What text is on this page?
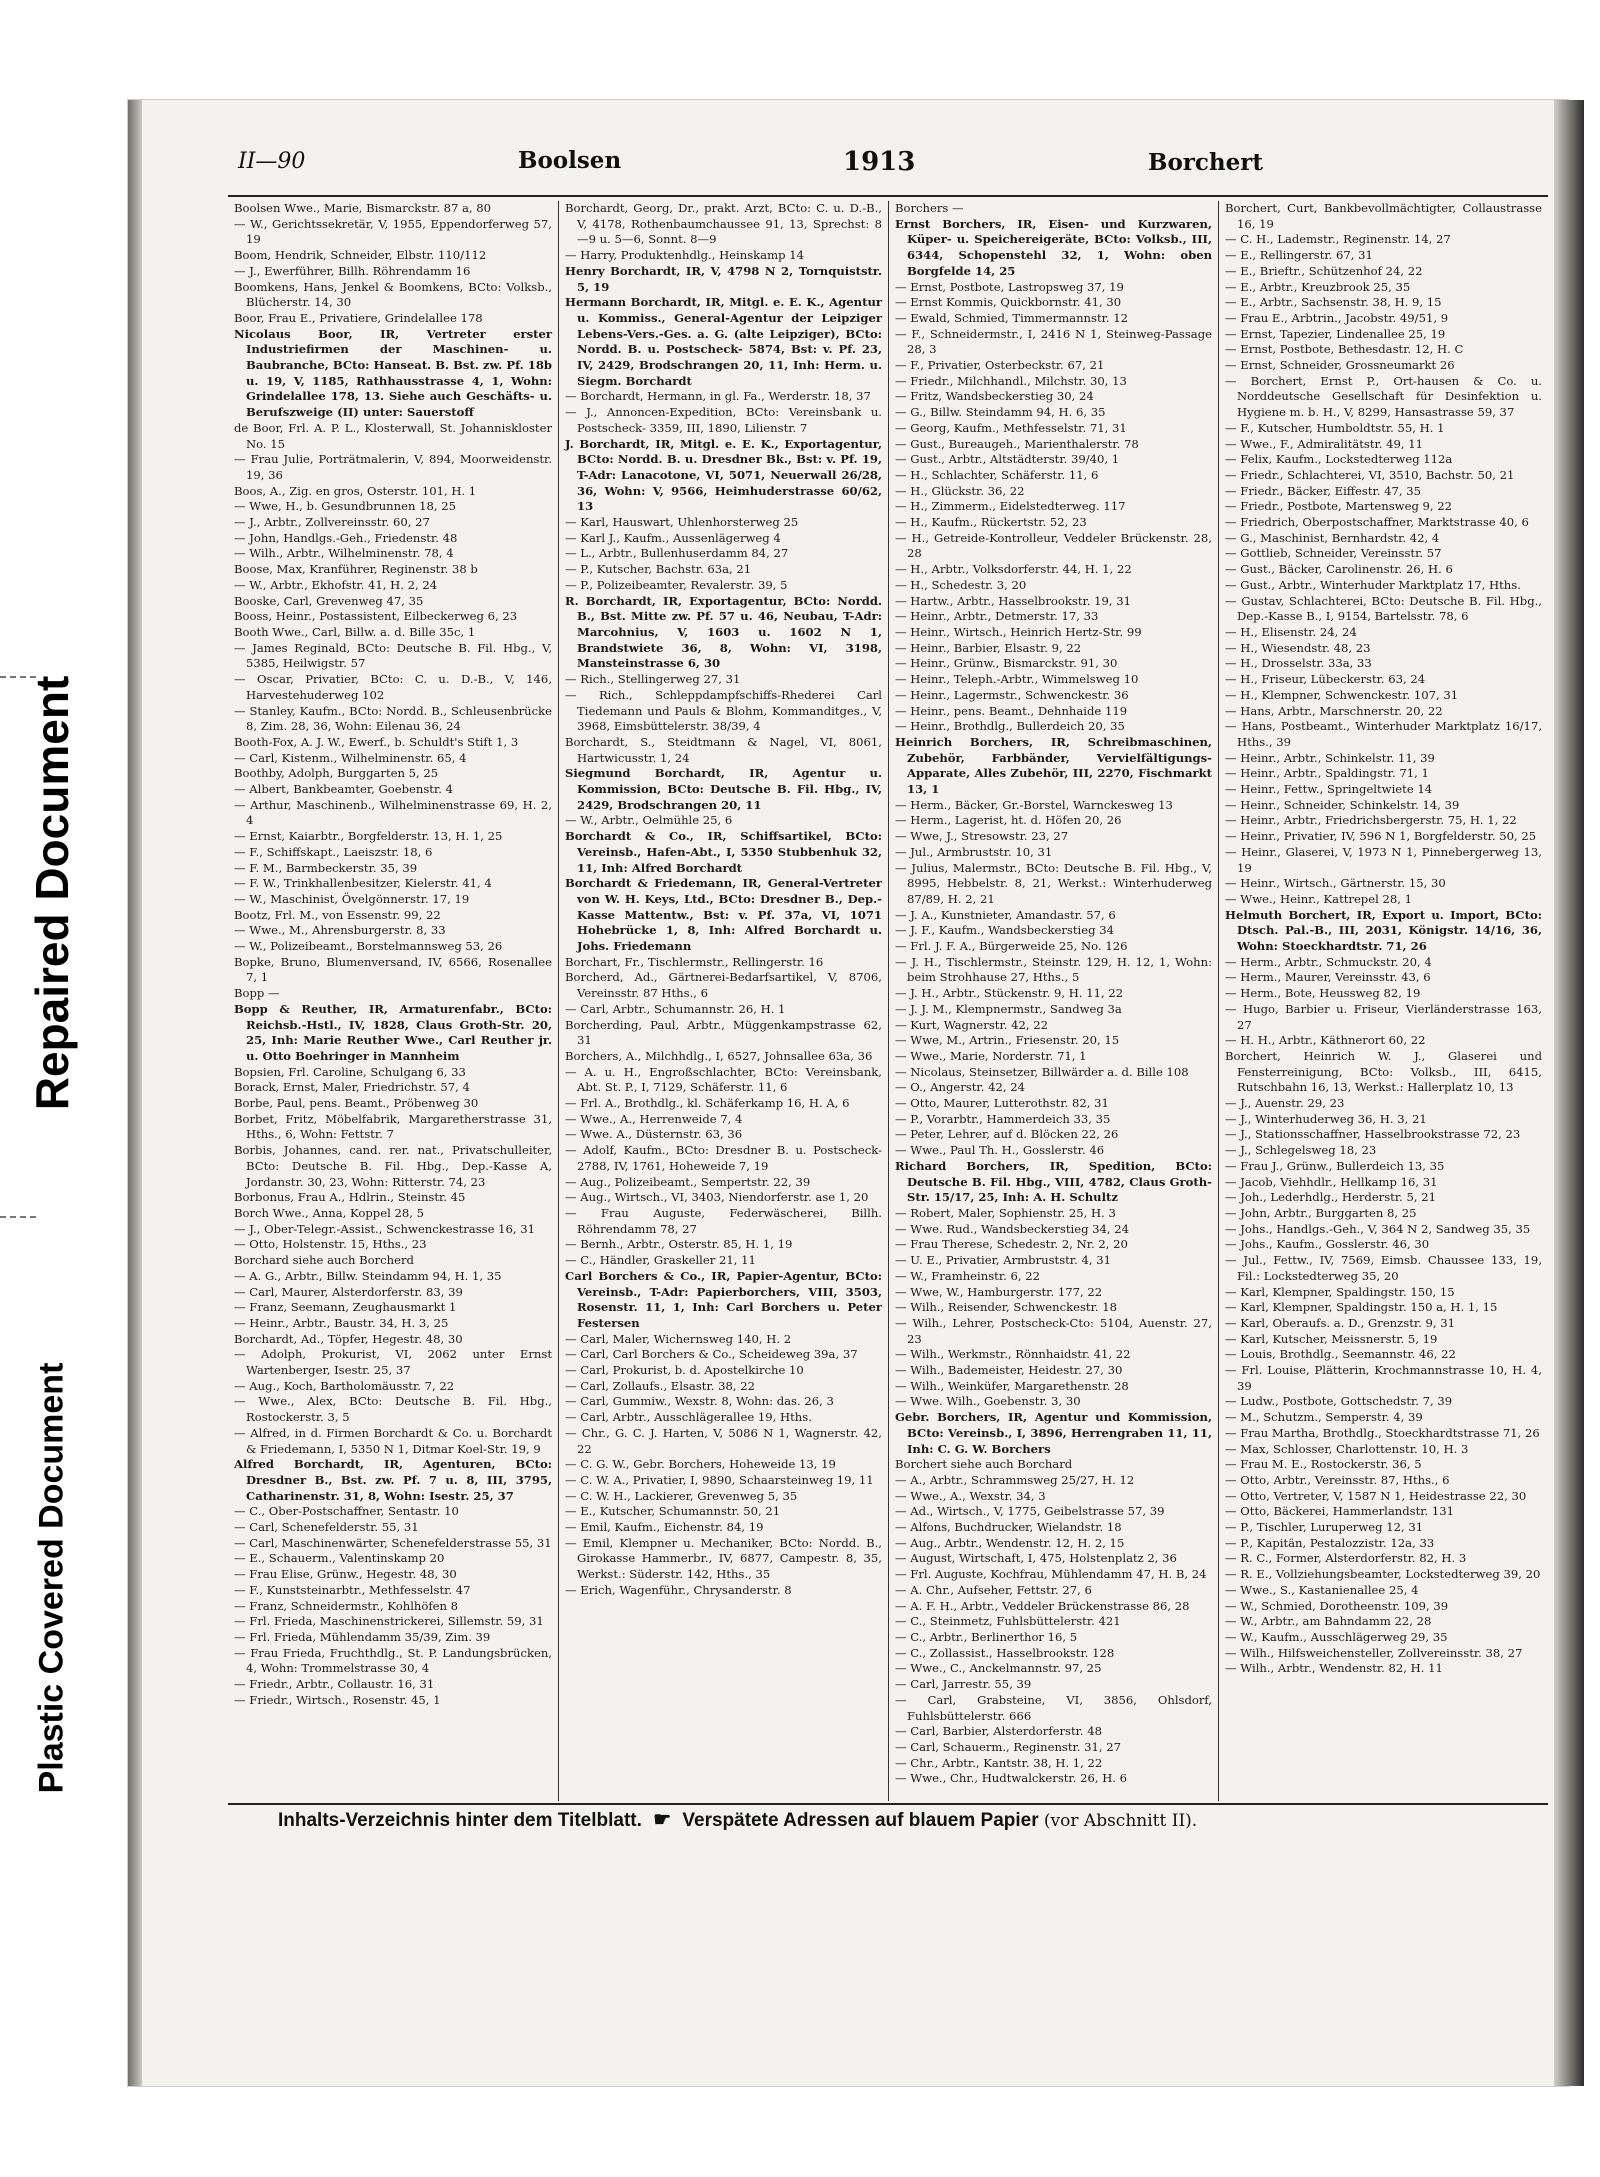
Repaired Document
Plastic Covered Document
II—90	Boolsen	1913	Borchert
Boolsen Wwe., Marie, Bismarckstr. 87 a, 80
— W., Gerichtssekretär, V, 1955, Eppendorferweg 57, 19
Boom, Hendrik, Schneider, Elbstr. 110/112
— J., Ewerführer, Billh. Röhrendamm 16
Boomkens, Hans, Jenkel & Boomkens, BCto: Volksb., Blücherstr. 14, 30
Boor, Frau E., Privatiere, Grindelallee 178
Nicolaus Boor, IR, Vertreter erster Industriefirmen der Maschinen- u. Baubranche, BCto: Hanseat. B. Bst. zw. Pf. 18b u. 19, V, 1185, Rathhausstrasse 4, 1, Wohn: Grindelallee 178, 13. Siehe auch Geschäfts- u. Berufszweige (II) unter: Sauerstoff
de Boor, Frl. A. P. L., Klosterwall, St. Johanniskloster No. 15
— Frau Julie, Porträtmalerin, V, 894, Moorweidenstr. 19, 36
Boos, A., Zig. en gros, Osterstr. 101, H. 1
— Wwe, H., b. Gesundbrunnen 18, 25
— J., Arbtr., Zollvereinsstr. 60, 27
— John, Handlgs.-Geh., Friedenstr. 48
— Wilh., Arbtr., Wilhelminenstr. 78, 4
Boose, Max, Kranführer, Reginenstr. 38 b
— W., Arbtr., Ekhofstr. 41, H. 2, 24
Booske, Carl, Grevenweg 47, 35
Booss, Heinr., Postassistent, Eilbeckerweg 6, 23
Booth Wwe., Carl, Billw. a. d. Bille 35c, 1
— James Reginald, BCto: Deutsche B. Fil. Hbg., V, 5385, Heilwigstr. 57
— Oscar, Privatier, BCto: C. u. D.-B., V, 146, Harvestehuderweg 102
— Stanley, Kaufm., BCto: Nordd. B., Schleusenbrücke 8, Zim. 28, 36, Wohn: Eilenau 36, 24
Booth-Fox, A. J. W., Ewerf., b. Schuldt's Stift 1, 3
— Carl, Kistenm., Wilhelminenstr. 65, 4
Boothby, Adolph, Burggarten 5, 25
— Albert, Bankbeamter, Goebenstr. 4
— Arthur, Maschinenb., Wilhelminenstrasse 69, H. 2, 4
— Ernst, Kaiarbtr., Borgfelderstr. 13, H. 1, 25
— F., Schiffskapt., Laeiszstr. 18, 6
— F. M., Barmbeckerstr. 35, 39
— F. W., Trinkhallenbesitzer, Kielerstr. 41, 4
— W., Maschinist, Övelgönnerstr. 17, 19
Bootz, Frl. M., von Essenstr. 99, 22
— Wwe., M., Ahrensburgerstr. 8, 33
— W., Polizeibeamt., Borstelmannsweg 53, 26
Bopke, Bruno, Blumenversand, IV, 6566, Rosenallee 7, 1
Bopp —
Bopp & Reuther, IR, Armaturenfabr., BCto: Reichsb.-Hstl., IV, 1828, Claus Groth-Str. 20, 25, Inh: Marie Reuther Wwe., Carl Reuther jr. u. Otto Boehringer in Mannheim
Bopsien, Frl. Caroline, Schulgang 6, 33
Borack, Ernst, Maler, Friedrichstr. 57, 4
Borbe, Paul, pens. Beamt., Pröbenweg 30
Borbet, Fritz, Möbelfabrik, Margaretherstrasse 31, Hths., 6, Wohn: Fettstr. 7
Borbis, Johannes, cand. rer. nat., Privatschulleiter, BCto: Deutsche B. Fil. Hbg., Dep.-Kasse A, Jordanstr. 30, 23, Wohn: Ritterstr. 74, 23
Borbonus, Frau A., Hdlrin., Steinstr. 45
Borch Wwe., Anna, Koppel 28, 5
— J., Ober-Telegr.-Assist., Schwenckestrasse 16, 31
— Otto, Holstenstr. 15, Hths., 23
Borchard siehe auch Borcherd
— A. G., Arbtr., Billw. Steindamm 94, H. 1, 35
— Carl, Maurer, Alsterdorferstr. 83, 39
— Franz, Seemann, Zeughausmarkt 1
— Heinr., Arbtr., Baustr. 34, H. 3, 25
Borchardt, Ad., Töpfer, Hegestr. 48, 30
— Adolph, Prokurist, VI, 2062 unter Ernst Wartenberger, Isestr. 25, 37
— Aug., Koch, Bartholomäusstr. 7, 22
— Wwe., Alex, BCto: Deutsche B. Fil. Hbg., Rostockerstr. 3, 5
— Alfred, in d. Firmen Borchardt & Co. u. Borchardt & Friedemann, I, 5350 N 1, Ditmar Koel-Str. 19, 9
Alfred Borchardt, IR, Agenturen, BCto: Dresdner B., Bst. zw. Pf. 7 u. 8, III, 3795, Catharinenstr. 31, 8, Wohn: Isestr. 25, 37
— C., Ober-Postschaffner, Sentastr. 10
— Carl, Schenefelderstr. 55, 31
— Carl, Maschinenwärter, Schenefelderstrasse 55, 31
— E., Schauerm., Valentinskamp 20
— Frau Elise, Grünw., Hegestr. 48, 30
— F., Kunststeinarbtr., Methfesselstr. 47
— Franz, Schneidermstr., Kohlhöfen 8
— Frl. Frieda, Maschinenstrickerei, Sillemstr. 59, 31
— Frl. Frieda, Mühlendamm 35/39, Zim. 39
— Frau Frieda, Fruchthdlg., St. P. Landungsbrücken, 4, Wohn: Trommelstrasse 30, 4
— Friedr., Arbtr., Collaustr. 16, 31
— Friedr., Wirtsch., Rosenstr. 45, 1
Borchardt, Georg, Dr., prakt. Arzt, BCto: C. u. D.-B., V, 4178, Rothenbaumchaussee 91, 13, Sprechst: 8—9 u. 5—6, Sonnt. 8—9
— Harry, Produktenhdlg., Heinskamp 14
Henry Borchardt, IR, V, 4798 N 2, Tornquiststr. 5, 19
Hermann Borchardt, IR, Mitgl. e. E. K., Agentur u. Kommiss., General-Agentur der Leipziger Lebens-Vers.-Ges. a. G. (alte Leipziger), BCto: Nordd. B. u. Postscheck- 5874, Bst: v. Pf. 23, IV, 2429, Brodschrangen 20, 11, Inh: Herm. u. Siegm. Borchardt
— Borchardt, Hermann, in gl. Fa., Werderstr. 18, 37
— J., Annoncen-Expedition, BCto: Vereinsbank u. Postscheck- 3359, III, 1890, Lilienstr. 7
J. Borchardt, IR, Mitgl. e. E. K., Exportagentur, BCto: Nordd. B. u. Dresdner Bk., Bst: v. Pf. 19, T-Adr: Lanacotone, VI, 5071, Neuerwall 26/28, 36, Wohn: V, 9566, Heimhuderstrasse 60/62, 13
— Karl, Hauswart, Uhlenhorsterweg 25
— Karl J., Kaufm., Aussenlägerweg 4
— L., Arbtr., Bullenhuserdamm 84, 27
— P., Kutscher, Bachstr. 63a, 21
— P., Polizeibeamter, Revalerstr. 39, 5
R. Borchardt, IR, Exportagentur, BCto: Nordd. B., Bst. Mitte zw. Pf. 57 u. 46, Neubau, T-Adr: Marcohnius, V, 1603 u. 1602 N 1, Brandstwiete 36, 8, Wohn: VI, 3198, Mansteinstrasse 6, 30
— Rich., Stellingerweg 27, 31
— Rich., Schleppdampfschiffs-Rhederei Carl Tiedemann und Pauls & Blohm, Kommanditges., V, 3968, Eimsbüttelerstr. 38/39, 4
Borchardt, S., Steidtmann & Nagel, VI, 8061, Hartwicusstr. 1, 24
Siegmund Borchardt, IR, Agentur u. Kommission, BCto: Deutsche B. Fil. Hbg., IV, 2429, Brodschrangen 20, 11
— W., Arbtr., Oelmühle 25, 6
Borchardt & Co., IR, Schiffsartikel, BCto: Vereinsb., Hafen-Abt., I, 5350 Stubbenhuk 32, 11, Inh: Alfred Borchardt
Borchardt & Friedemann, IR, General-Vertreter von W. H. Keys, Ltd., BCto: Dresdner B., Dep.-Kasse Mattentw., Bst: v. Pf. 37a, VI, 1071 Hohebrücke 1, 8, Inh: Alfred Borchardt u. Johs. Friedemann
Borchart, Fr., Tischlermstr., Rellingerstr. 16
Borcherd, Ad., Gärtnerei-Bedarfsartikel, V, 8706, Vereinsstr. 87 Hths., 6
— Carl, Arbtr., Schumannstr. 26, H. 1
Borcherding, Paul, Arbtr., Müggenkampstrasse 62, 31
Borchers, A., Milchhdlg., I, 6527, Johnsallee 63a, 36
— A. u. H., Engroßschlachter, BCto: Vereinsbank, Abt. St. P., I, 7129, Schäferstr. 11, 6
— Frl. A., Brothdlg., kl. Schäferkamp 16, H. A, 6
— Wwe., A., Herrenweide 7, 4
— Wwe. A., Düsternstr. 63, 36
— Adolf, Kaufm., BCto: Dresdner B. u. Postscheck- 2788, IV, 1761, Hoheweide 7, 19
— Aug., Polizeibeamt., Sempertstr. 22, 39
— Aug., Wirtsch., VI, 3403, Niendorferstr. ase 1, 20
— Frau Auguste, Federwäscherei, Billh. Röhrendamm 78, 27
— Bernh., Arbtr., Osterstr. 85, H. 1, 19
— C., Händler, Graskeller 21, 11
Carl Borchers & Co., IR, Papier-Agentur, BCto: Vereinsb., T-Adr: Papierborchers, VIII, 3503, Rosenstr. 11, 1, Inh: Carl Borchers u. Peter Festersen
— Carl, Maler, Wichernsweg 140, H. 2
— Carl, Carl Borchers & Co., Scheideweg 39a, 37
— Carl, Prokurist, b. d. Apostelkirche 10
— Carl, Zollaufs., Elsastr. 38, 22
— Carl, Gummiw., Wexstr. 8, Wohn: das. 26, 3
— Carl, Arbtr., Ausschlägerallee 19, Hths.
— Chr., G. C. J. Harten, V, 5086 N 1, Wagnerstr. 42, 22
— C. G. W., Gebr. Borchers, Hoheweide 13, 19
— C. W. A., Privatier, I, 9890, Schaarsteinweg 19, 11
— C. W. H., Lackierer, Grevenweg 5, 35
— E., Kutscher, Schumannstr. 50, 21
— Emil, Kaufm., Eichenstr. 84, 19
— Emil, Klempner u. Mechaniker, BCto: Nordd. B., Girokasse Hammerbr., IV, 6877, Campestr. 8, 35, Werkst.: Süderstr. 142, Hths., 35
— Erich, Wagenführ., Chrysanderstr. 8
Borchers —
Ernst Borchers, IR, Eisen- und Kurzwaren, Küper- u. Speichereigeräte, BCto: Volksb., III, 6344, Schopenstehl 32, 1, Wohn: oben Borgfelde 14, 25
— Ernst, Postbote, Lastropsweg 37, 19
— Ernst Kommis, Quickbornstr. 41, 30
— Ewald, Schmied, Timmermannstr. 12
— F., Schneidermstr., I, 2416 N 1, Steinweg-Passage 28, 3
— F., Privatier, Osterbeckstr. 67, 21
— Friedr., Milchhandl., Milchstr. 30, 13
— Fritz, Wandsbeckerstieg 30, 24
— G., Billw. Steindamm 94, H. 6, 35
— Georg, Kaufm., Methfesselstr. 71, 31
— Gust., Bureaugeh., Marienthalerstr. 78
— Gust., Arbtr., Altstädterstr. 39/40, 1
— H., Schlachter, Schäferstr. 11, 6
— H., Glückstr. 36, 22
— H., Zimmerm., Eidelstedterweg. 117
— H., Kaufm., Rückertstr. 52, 23
— H., Getreide-Kontrolleur, Veddeler Brückenstr. 28, 28
— H., Arbtr., Volksdorferstr. 44, H. 1, 22
— H., Schedestr. 3, 20
— Hartw., Arbtr., Hasselbrookstr. 19, 31
— Heinr., Arbtr., Detmerstr. 17, 33
— Heinr., Wirtsch., Heinrich Hertz-Str. 99
— Heinr., Barbier, Elsastr. 9, 22
— Heinr., Grünw., Bismarckstr. 91, 30
— Heinr., Teleph.-Arbtr., Wimmelsweg 10
— Heinr., Lagermstr., Schwenckestr. 36
— Heinr., pens. Beamt., Dehnhaide 119
— Heinr., Brothdlg., Bullerdeich 20, 35
Heinrich Borchers, IR, Schreibmaschinen, Zubehör, Farbbänder, Vervielfältigungs-Apparate, Alles Zubehör, III, 2270, Fischmarkt 13, 1
— Herm., Bäcker, Gr.-Borstel, Warnckesweg 13
— Herm., Lagerist, ht. d. Höfen 20, 26
— Wwe, J., Stresowstr. 23, 27
— Jul., Armbruststr. 10, 31
— Julius, Malermstr., BCto: Deutsche B. Fil. Hbg., V, 8995, Hebbelstr. 8, 21, Werkst.: Winterhuderweg 87/89, H. 2, 21
— J. A., Kunstnieter, Amandastr. 57, 6
— J. F., Kaufm., Wandsbeckerstieg 34
— Frl. J. F. A., Bürgerweide 25, No. 126
— J. H., Tischlermstr., Steinstr. 129, H. 12, 1, Wohn: beim Strohhause 27, Hths., 5
— J. H., Arbtr., Stückenstr. 9, H. 11, 22
— J. J. M., Klempnermstr., Sandweg 3a
— Kurt, Wagnerstr. 42, 22
— Wwe, M., Artrin., Friesenstr. 20, 15
— Wwe., Marie, Norderstr. 71, 1
— Nicolaus, Steinsetzer, Billwärder a. d. Bille 108
— O., Angerstr. 42, 24
— Otto, Maurer, Lutterothstr. 82, 31
— P., Vorarbtr., Hammerdeich 33, 35
— Peter, Lehrer, auf d. Blöcken 22, 26
— Wwe., Paul Th. H., Gosslerstr. 46
Richard Borchers, IR, Spedition, BCto: Deutsche B. Fil. Hbg., VIII, 4782, Claus Groth-Str. 15/17, 25, Inh: A. H. Schultz
— Robert, Maler, Sophienstr. 25, H. 3
— Wwe. Rud., Wandsbeckerstieg 34, 24
— Frau Therese, Schedestr. 2, Nr. 2, 20
— U. E., Privatier, Armbruststr. 4, 31
— W., Framheinstr. 6, 22
— Wwe, W., Hamburgerstr. 177, 22
— Wilh., Reisender, Schwenckestr. 18
— Wilh., Lehrer, Postscheck-Cto: 5104, Auenstr. 27, 23
— Wilh., Werkmstr., Rönnhaidstr. 41, 22
— Wilh., Bademeister, Heidestr. 27, 30
— Wilh., Weinküfer, Margarethenstr. 28
— Wwe. Wilh., Goebenstr. 3, 30
Gebr. Borchers, IR, Agentur und Kommission, BCto: Vereinsb., I, 3896, Herrengraben 11, 11, Inh: C. G. W. Borchers
Borchert siehe auch Borchard
— A., Arbtr., Schrammsweg 25/27, H. 12
— Wwe., A., Wexstr. 34, 3
— Ad., Wirtsch., V, 1775, Geibelstrasse 57, 39
— Alfons, Buchdrucker, Wielandstr. 18
— Aug., Arbtr., Wendenstr. 12, H. 2, 15
— August, Wirtschaft, I, 475, Holstenplatz 2, 36
— Frl. Auguste, Kochfrau, Mühlendamm 47, H. B, 24
— A. Chr., Aufseher, Fettstr. 27, 6
— A. F. H., Arbtr., Veddeler Brückenstrasse 86, 28
— C., Steinmetz, Fuhlsbüttelerstr. 421
— C., Arbtr., Berlinerthor 16, 5
— C., Zollassist., Hasselbrookstr. 128
— Wwe., C., Anckelmannstr. 97, 25
— Carl, Jarrestr. 55, 39
— Carl, Grabsteine, VI, 3856, Ohlsdorf, Fuhlsbüttelerstr. 666
— Carl, Barbier, Alsterdorferstr. 48
— Carl, Schauerm., Reginenstr. 31, 27
— Chr., Arbtr., Kantstr. 38, H. 1, 22
— Wwe., Chr., Hudtwalckerstr. 26, H. 6
Borchert, Curt, Bankbevollmächtigter, Collaustrasse 16, 19
— C. H., Lademstr., Reginenstr. 14, 27
— E., Rellingerstr. 67, 31
— E., Brieftr., Schützenhof 24, 22
— E., Arbtr., Kreuzbrook 25, 35
— E., Arbtr., Sachsenstr. 38, H. 9, 15
— Frau E., Arbtrin., Jacobstr. 49/51, 9
— Ernst, Tapezier, Lindenallee 25, 19
— Ernst, Postbote, Bethesdastr. 12, H. C
— Ernst, Schneider, Grossneumarkt 26
— Borchert, Ernst P., Ort-hausen & Co. u. Norddeutsche Gesellschaft für Desinfektion u. Hygiene m. b. H., V, 8299, Hansastrasse 59, 37
— F., Kutscher, Humboldtstr. 55, H. 1
— Wwe., F., Admiralitätstr. 49, 11
— Felix, Kaufm., Lockstedterweg 112a
— Friedr., Schlachterei, VI, 3510, Bachstr. 50, 21
— Friedr., Bäcker, Eiffestr. 47, 35
— Friedr., Postbote, Martensweg 9, 22
— Friedrich, Oberpostschaffner, Marktstrasse 40, 6
— G., Maschinist, Bernhardstr. 42, 4
— Gottlieb, Schneider, Vereinsstr. 57
— Gust., Bäcker, Carolinenstr. 26, H. 6
— Gust., Arbtr., Winterhuder Marktplatz 17, Hths.
— Gustav, Schlachterei, BCto: Deutsche B. Fil. Hbg., Dep.-Kasse B., I, 9154, Bartelsstr. 78, 6
— H., Elisenstr. 24, 24
— H., Wiesendstr. 48, 23
— H., Drosselstr. 33a, 33
— H., Friseur, Lübeckerstr. 63, 24
— H., Klempner, Schwenckestr. 107, 31
— Hans, Arbtr., Marschnerstr. 20, 22
— Hans, Postbeamt., Winterhuder Marktplatz 16/17, Hths., 39
— Heinr., Arbtr., Schinkelstr. 11, 39
— Heinr., Arbtr., Spaldingstr. 71, 1
— Heinr., Fettw., Springeltwiete 14
— Heinr., Schneider, Schinkelstr. 14, 39
— Heinr., Arbtr., Friedrichsbergerstr. 75, H. 1, 22
— Heinr., Privatier, IV, 596 N 1, Borgfelderstr. 50, 25
— Heinr., Glaserei, V, 1973 N 1, Pinnebergerweg 13, 19
— Heinr., Wirtsch., Gärtnerstr. 15, 30
— Wwe., Heinr., Kattrepel 28, 1
Helmuth Borchert, IR, Export u. Import, BCto: Dtsch. Pal.-B., III, 2031, Königstr. 14/16, 36, Wohn: Stoeckhardtstr. 71, 26
— Herm., Arbtr., Schmuckstr. 20, 4
— Herm., Maurer, Vereinsstr. 43, 6
— Herm., Bote, Heussweg 82, 19
— Hugo, Barbier u. Friseur, Vierländerstrasse 163, 27
— H. H., Arbtr., Käthnerort 60, 22
Borchert, Heinrich W. J., Glaserei und Fensterreinigung, BCto: Volksb., III, 6415, Rutschbahn 16, 13, Werkst.: Hallerplatz 10, 13
— J., Auenstr. 29, 23
— J., Winterhuderweg 36, H. 3, 21
— J., Stationsschaffner, Hasselbrookstrasse 72, 23
— J., Schlegelsweg 18, 23
— Frau J., Grünw., Bullerdeich 13, 35
— Jacob, Viehhdlr., Hellkamp 16, 31
— Joh., Lederhdlg., Herderstr. 5, 21
— John, Arbtr., Burggarten 8, 25
— Johs., Handlgs.-Geh., V, 364 N 2, Sandweg 35, 35
— Johs., Kaufm., Gosslerstr. 46, 30
— Jul., Fettw., IV, 7569, Eimsb. Chaussee 133, 19, Fil.: Lockstedterweg 35, 20
— Karl, Klempner, Spaldingstr. 150, 15
— Karl, Klempner, Spaldingstr. 150 a, H. 1, 15
— Karl, Oberaufs. a. D., Grenzstr. 9, 31
— Karl, Kutscher, Meissnerstr. 5, 19
— Louis, Brothdlg., Seemannstr. 46, 22
— Frl. Louise, Plätterin, Krochmannstrasse 10, H. 4, 39
— Ludw., Postbote, Gottschedstr. 7, 39
— M., Schutzm., Semperstr. 4, 39
— Frau Martha, Brothdlg., Stoeckhardtstrasse 71, 26
— Max, Schlosser, Charlottenstr. 10, H. 3
— Frau M. E., Rostockerstr. 36, 5
— Otto, Arbtr., Vereinsstr. 87, Hths., 6
— Otto, Vertreter, V, 1587 N 1, Heidestrasse 22, 30
— Otto, Bäckerei, Hammerlandstr. 131
— P., Tischler, Luruperweg 12, 31
— P., Kapitän, Pestalozzistr. 12a, 33
— R. C., Former, Alsterdorferstr. 82, H. 3
— R. E., Vollziehungsbeamter, Lockstedterweg 39, 20
— Wwe., S., Kastanienallee 25, 4
— W., Schmied, Dorotheenstr. 109, 39
— W., Arbtr., am Bahndamm 22, 28
— W., Kaufm., Ausschlägerweg 29, 35
— Wilh., Hilfsweichensteller, Zollvereinsstr. 38, 27
— Wilh., Arbtr., Wendenstr. 82, H. 11
Inhalts-Verzeichnis hinter dem Titelblatt. ☛ Verspätete Adressen auf blauem Papier (vor Abschnitt II).
